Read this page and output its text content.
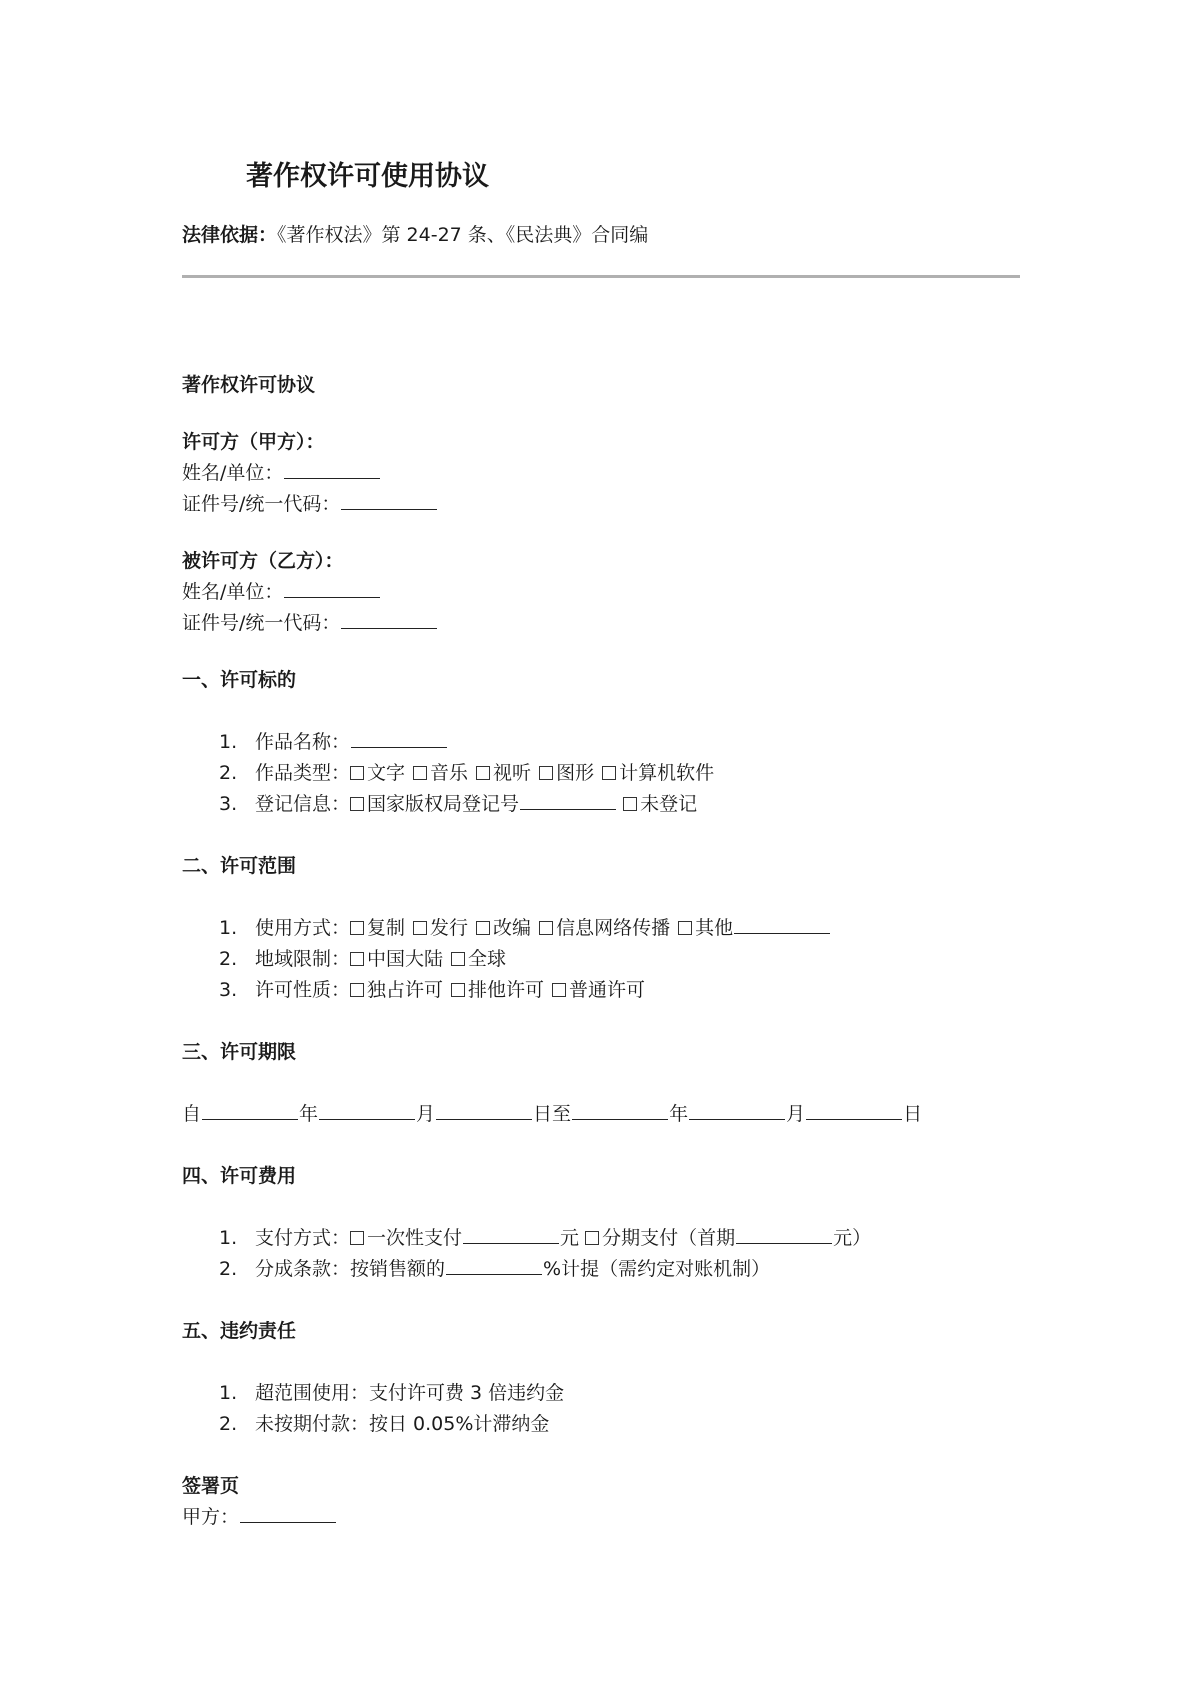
著作权许可使用协议
法律依据：《著作权法》第 24-27 条、《民法典》合同编

著作权许可协议

许可方（甲方）：

姓名/单位：
证件号/统一代码：

被许可方（乙方）：

姓名/单位：
证件号/统一代码：

一、许可标的

1. 作品名称：
2. 作品类型： 文字 音乐 视听 图形 计算机软件
3. 登记信息： 国家版权局登记号	未登记

二、许可范围

1. 使用方式： 复制 发行 改编 信息网络传播 其他
2. 地域限制： 中国大陆 全球
3. 许可性质： 独占许可 排他许可 普通许可

三、许可期限

自	年	月	日至	年	月	日

四、许可费用

1. 支付方式： 一次性支付	元 分期支付（首期	元）
2. 分成条款：按销售额的	%计提（需约定对账机制）

五、违约责任

1. 超范围使用：支付许可费 3 倍违约金
2. 未按期付款：按日 0.05%计滞纳金

签署页

甲方：
